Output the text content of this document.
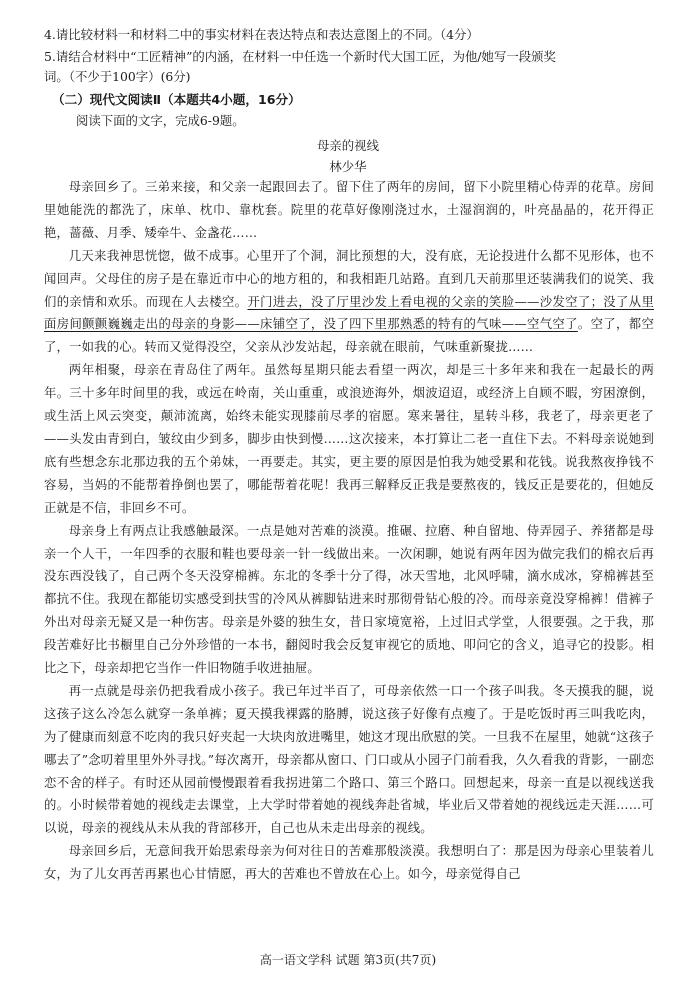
4.请比较材料一和材料二中的事实材料在表达特点和表达意图上的不同。（4分）
5.请结合材料中“工匠精神”的内涵，在材料一中任选一个新时代大国工匠，为他/她写一段颁奖
词。（不少于100字）(6分)
（二）现代文阅读Ⅱ（本题共4小题，16分）
阅读下面的文字，完成6-9题。
母亲的视线
林少华

母亲回乡了。三弟来接，和父亲一起跟回去了。留下住了两年的房间，留下小院里精心侍弄的花草。房间里她能洗的都洗了，床单、枕巾、靠枕套。院里的花草好像刚浇过水，土湿润润的，叶亮晶晶的，花开得正艳，蔷薇、月季、矮牵牛、金盏花……

几天来我神思恍惚，做不成事。心里开了个洞，洞比预想的大，没有底，无论投进什么都不见形体，也不闻回声。父母住的房子是在靠近市中心的地方租的，和我相距几站路。直到几天前那里还装满我们的说笑、我们的亲情和欢乐。而现在人去楼空。开门进去，没了厅里沙发上看电视的父亲的笑脸——沙发空了；没了从里面房间颤颤巍巍走出的母亲的身影——床铺空了，没了四下里那熟悉的特有的气味——空气空了。空了，都空了，一如我的心。转而又觉得没空，父亲从沙发站起，母亲就在眼前，气味重新聚拢……

两年相聚，母亲在青岛住了两年。虽然每星期只能去看望一两次，却是三十多年来和我在一起最长的两年。三十多年时间里的我，或远在岭南，关山重重，或浪迹海外，烟波迢迢，或经济上自顾不暇，穷困潦倒，或生活上风云突变，颠沛流离，始终未能实现膝前尽孝的宿愿。寒来暑往，星转斗移，我老了，母亲更老了——头发由青到白，皱纹由少到多，脚步由快到慢……这次接来，本打算让二老一直住下去。不料母亲说她到底有些想念东北那边我的五个弟妹，一再要走。其实，更主要的原因是怕我为她受累和花钱。说我熬夜挣钱不容易，当妈的不能帮着挣倒也罢了，哪能帮着花呢！我再三解释反正我是要熬夜的，钱反正是要花的，但她反正就是不信，非回乡不可。

母亲身上有两点让我感触最深。一点是她对苦难的淡漠。推碾、拉磨、种自留地、侍弄园子、养猪都是母亲一个人干，一年四季的衣服和鞋也要母亲一针一线做出来。一次闲聊，她说有两年因为做完我们的棉衣后再没东西没钱了，自己两个冬天没穿棉裤。东北的冬季十分了得，冰天雪地，北风呼啸，滴水成冰，穿棉裤甚至都抗不住。我现在都能切实感受到扶雪的冷风从裤脚钻进来时那彻骨钻心般的冷。而母亲竟没穿棉裤！借裤子外出对母亲无疑又是一种伤害。母亲是外婆的独生女，昔日家境宽裕，上过旧式学堂，人很要强。之于我，那段苦难好比书橱里自己分外珍惜的一本书，翻阅时我会反复审视它的质地、叩问它的含义，追寻它的投影。相比之下，母亲却把它当作一件旧物随手收进抽屉。

再一点就是母亲仍把我看成小孩子。我已年过半百了，可母亲依然一口一个孩子叫我。冬天摸我的腿，说这孩子这么冷怎么就穿一条单裤；夏天摸我裸露的胳膊，说这孩子好像有点瘦了。于是吃饭时再三叫我吃肉，为了健康而刻意不吃肉的我只好夹起一大块肉放进嘴里，她这才现出欣慰的笑。一旦我不在屋里，她就“这孩子哪去了”念叨着里里外外寻找。”每次离开，母亲都从窗口、门口或从小园子门前看我，久久看我的背影，一副恋恋不舍的样子。有时还从园前慢慢跟着看我拐进第二个路口、第三个路口。回想起来，母亲一直是以视线送我的。小时候带着她的视线走去课堂，上大学时带着她的视线奔赴省城，毕业后又带着她的视线远走天涯……可以说，母亲的视线从未从我的背部移开，自己也从未走出母亲的视线。

母亲回乡后，无意间我开始思索母亲为何对往日的苦难那般淡漠。我想明白了：那是因为母亲心里装着儿女，为了儿女再苦再累也心甘情愿，再大的苦难也不曾放在心上。如今，母亲觉得自己

高一语文学科 试题 第3页(共7页)
